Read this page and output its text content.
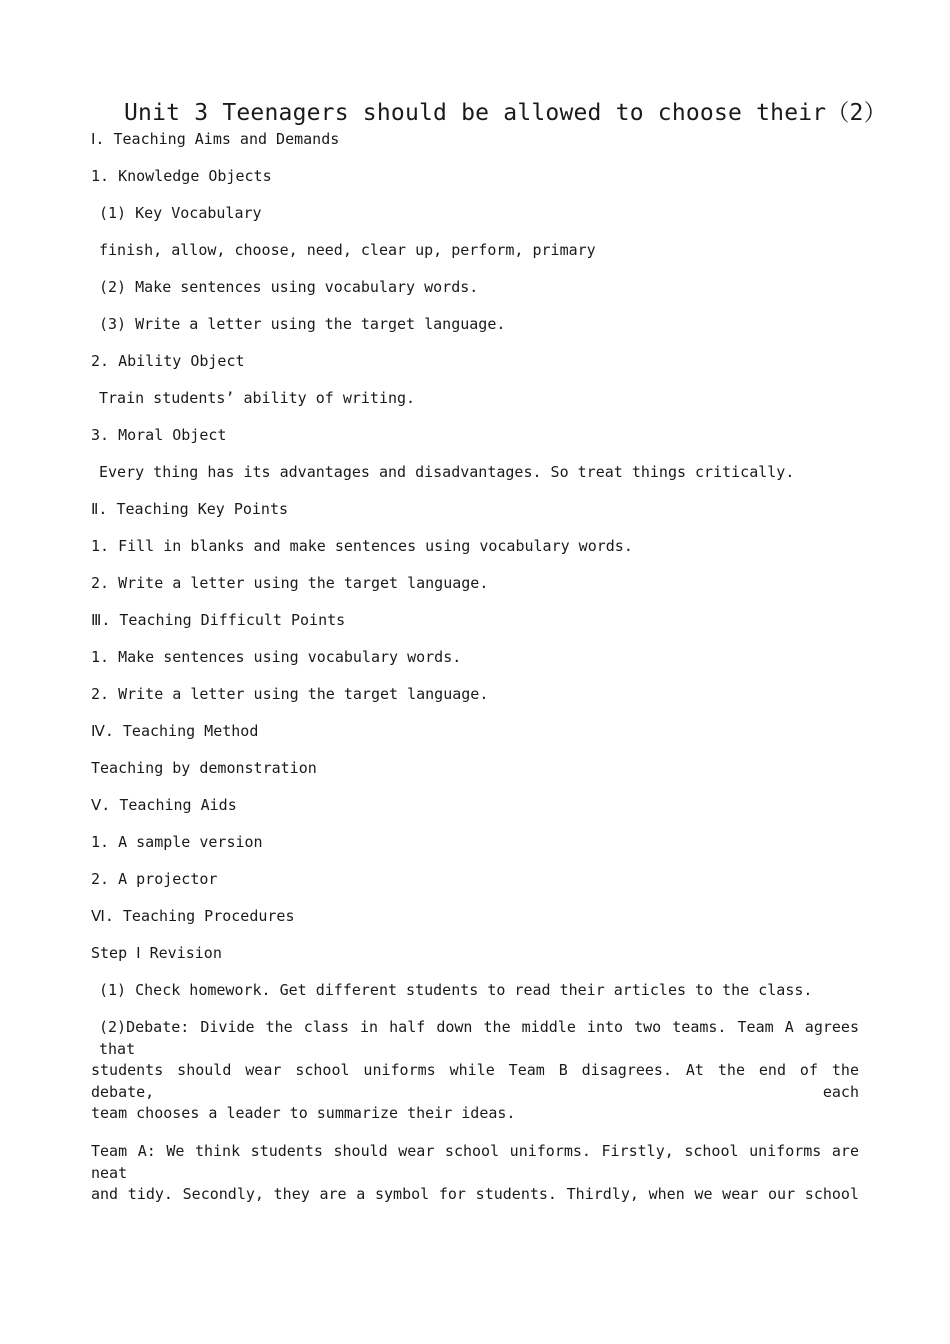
Unit 3 Teenagers should be allowed to choose their（2）
Ⅰ. Teaching Aims and Demands
1. Knowledge Objects
(1) Key Vocabulary
finish, allow, choose, need, clear up, perform, primary
(2) Make sentences using vocabulary words.
(3) Write a letter using the target language.
2. Ability Object
Train students’ ability of writing.
3. Moral Object
Every thing has its advantages and disadvantages. So treat things critically.
Ⅱ. Teaching Key Points
1. Fill in blanks and make sentences using vocabulary words.
2. Write a letter using the target language.
Ⅲ. Teaching Difficult Points
1. Make sentences using vocabulary words.
2. Write a letter using the target language.
Ⅳ. Teaching Method
Teaching by demonstration
Ⅴ. Teaching Aids
1. A sample version
2. A projector
Ⅵ. Teaching Procedures
Step Ⅰ Revision
(1) Check homework. Get different students to read their articles to the class.
(2)Debate: Divide the class in half down the middle into two teams. Team A agrees that
students should wear school uniforms while Team B disagrees. At the end of the debate, each
team chooses a leader to summarize their ideas.
Team A: We think students should wear school uniforms. Firstly, school uniforms are neat
and tidy. Secondly, they are a symbol for students. Thirdly, when we wear our school
